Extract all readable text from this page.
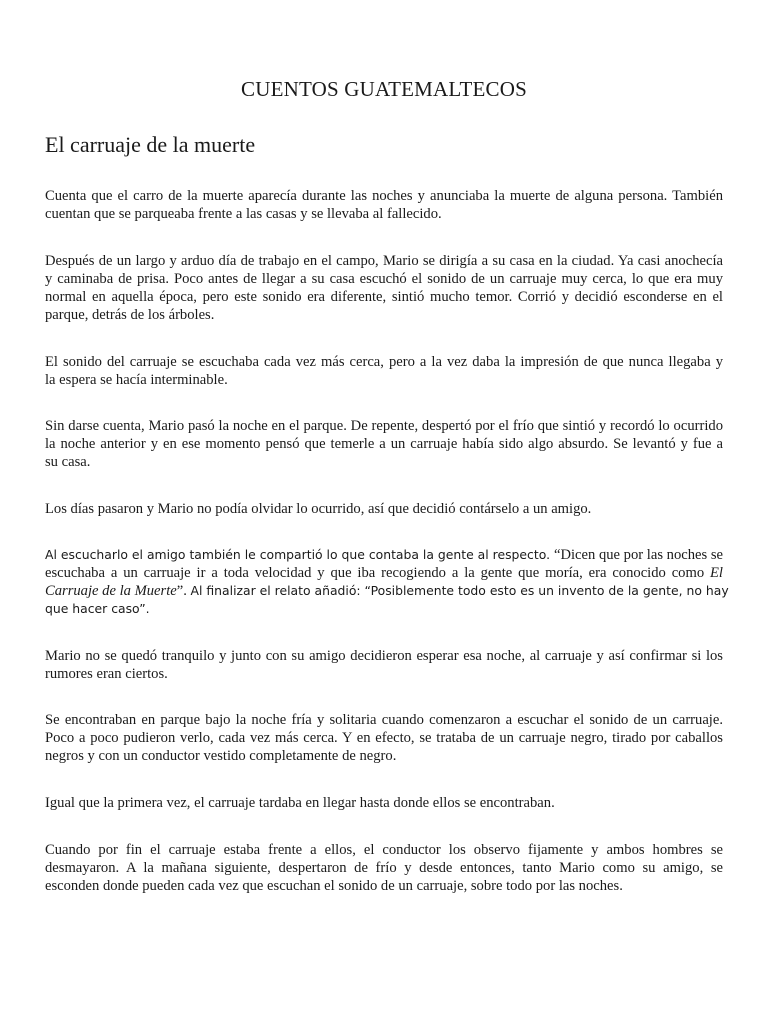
CUENTOS GUATEMALTECOS
El carruaje de la muerte

Cuenta que el carro de la muerte aparecía durante las noches y anunciaba la muerte de alguna persona. También
cuentan que se parqueaba frente a las casas y se llevaba al fallecido.

Después de un largo y arduo día de trabajo en el campo, Mario se dirigía a su casa en la ciudad. Ya casi anochecía
y caminaba de prisa. Poco antes de llegar a su casa escuchó el sonido de un carruaje muy cerca, lo que era muy
normal en aquella época, pero este sonido era diferente, sintió mucho temor. Corrió y decidió esconderse en el
parque, detrás de los árboles.

El sonido del carruaje se escuchaba cada vez más cerca, pero a la vez daba la impresión de que nunca llegaba y
la espera se hacía interminable.

Sin darse cuenta, Mario pasó la noche en el parque. De repente, despertó por el frío que sintió y recordó lo ocurrido
la noche anterior y en ese momento pensó que temerle a un carruaje había sido algo absurdo. Se levantó y fue a
su casa.

Los días pasaron y Mario no podía olvidar lo ocurrido, así que decidió contárselo a un amigo.

Al escucharlo el amigo también le compartió lo que contaba la gente al respecto. “Dicen que por las noches se
escuchaba a un carruaje ir a toda velocidad y que iba recogiendo a la gente que moría, era conocido como El
Carruaje de la Muerte”. Al finalizar el relato añadió: “Posiblemente todo esto es un invento de la gente, no hay
que hacer caso”.

Mario no se quedó tranquilo y junto con su amigo decidieron esperar esa noche, al carruaje y así confirmar si los
rumores eran ciertos.

Se encontraban en parque bajo la noche fría y solitaria cuando comenzaron a escuchar el sonido de un carruaje.
Poco a poco pudieron verlo, cada vez más cerca. Y en efecto, se trataba de un carruaje negro, tirado por caballos
negros y con un conductor vestido completamente de negro.

Igual que la primera vez, el carruaje tardaba en llegar hasta donde ellos se encontraban.

Cuando por fin el carruaje estaba frente a ellos, el conductor los observo fijamente y ambos hombres se
desmayaron. A la mañana siguiente, despertaron de frío y desde entonces, tanto Mario como su amigo, se
esconden donde pueden cada vez que escuchan el sonido de un carruaje, sobre todo por las noches.
